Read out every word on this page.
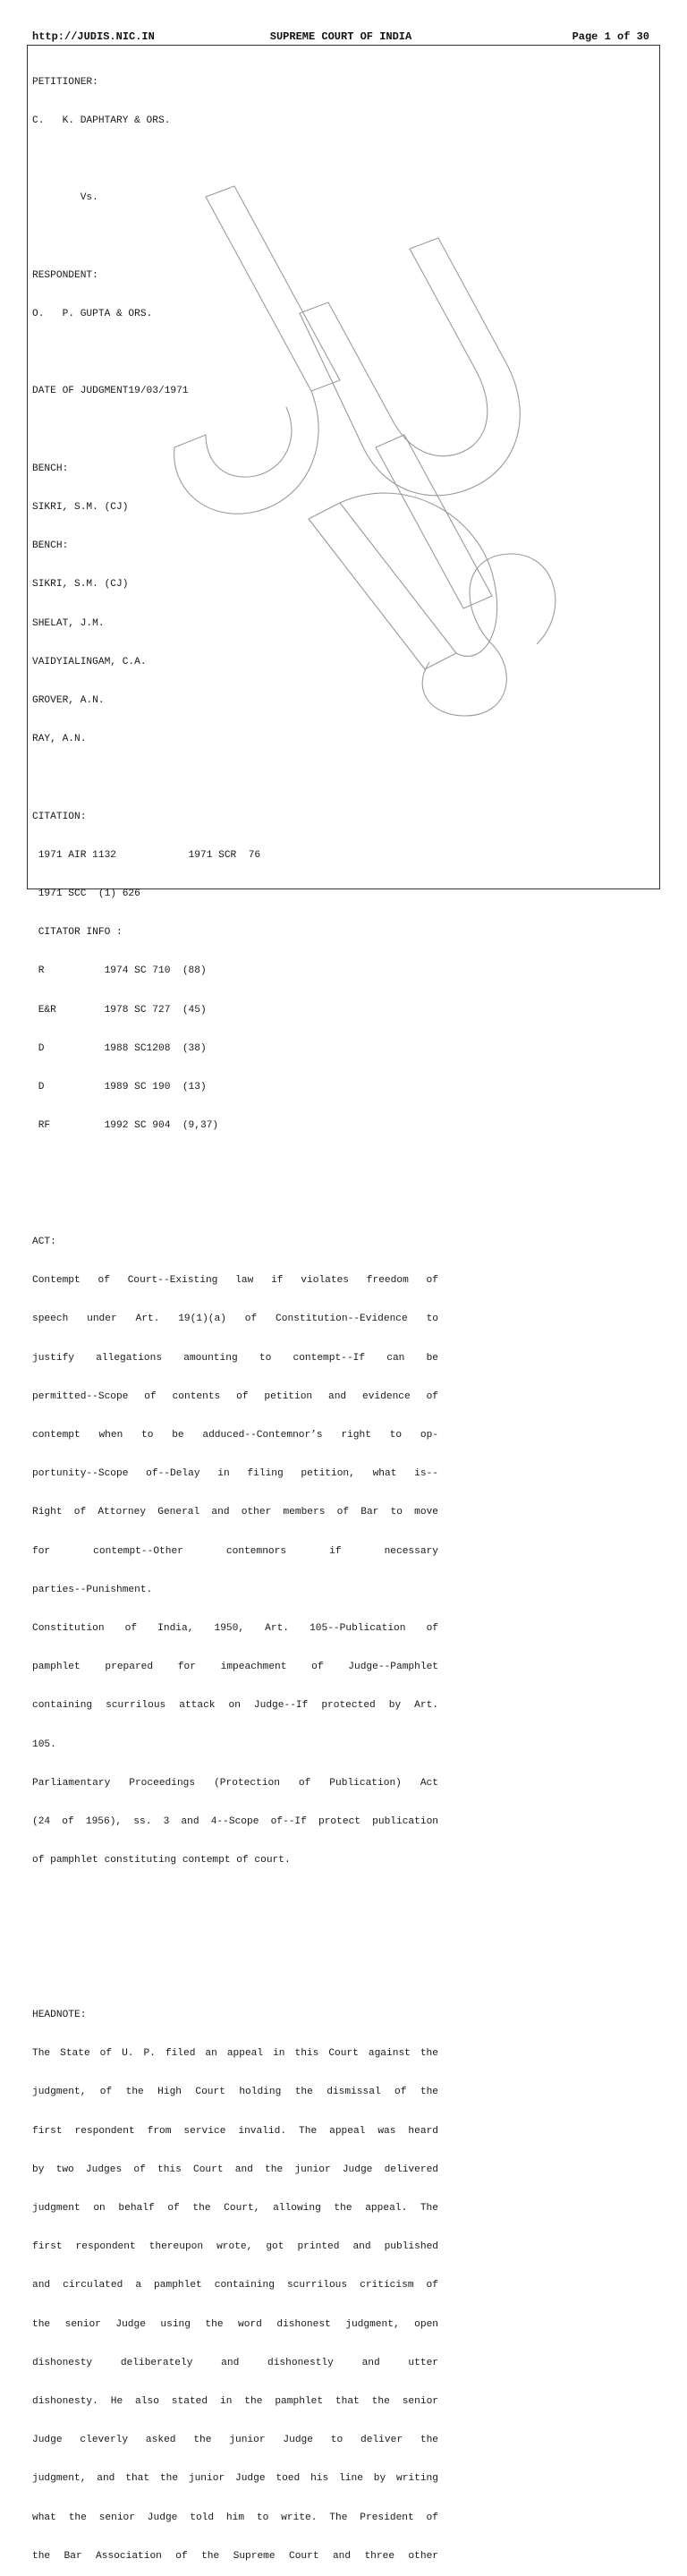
http://JUDIS.NIC.IN	SUPREME COURT OF INDIA	Page 1 of 30

PETITIONER:

C.   K. DAPHTARY & ORS.

Vs.

RESPONDENT:

O.   P. GUPTA & ORS.

DATE OF JUDGMENT19/03/1971

BENCH:

SIKRI, S.M. (CJ)

BENCH:

SIKRI, S.M. (CJ)

SHELAT, J.M.

VAIDYIALINGAM, C.A.

GROVER, A.N.

RAY, A.N.

CITATION:

1971 AIR 1132            1971 SCR  76

1971 SCC  (1) 626

CITATOR INFO :

R          1974 SC 710  (88)

E&R        1978 SC 727  (45)

D          1988 SC1208  (38)

D          1989 SC 190  (13)

RF         1992 SC 904  (9,37)

ACT:

Contempt of Court--Existing law if violates freedom of

speech under Art. 19(1)(a) of Constitution--Evidence to

justify allegations amounting to contempt--If can be

permitted--Scope of contents of petition and evidence of

contempt when to be adduced--Contemnor’s right to op-

portunity--Scope of--Delay in filing petition, what is--

Right of Attorney General and other members of Bar to move

for contempt--Other contemnors if necessary

parties--Punishment.

Constitution of India, 1950, Art. 105--Publication of

pamphlet prepared for impeachment of Judge--Pamphlet

containing scurrilous attack on Judge--If protected by Art.

105.

Parliamentary Proceedings (Protection of Publication) Act

(24 of 1956), ss. 3 and 4--Scope of--If protect publication

of pamphlet constituting contempt of court.

HEADNOTE:

The State of U. P. filed an appeal in this Court against the

judgment, of the High Court holding the dismissal of the

first respondent from service invalid. The appeal was heard

by two Judges of this Court and the junior Judge delivered

judgment on behalf of the Court, allowing the appeal. The

first respondent thereupon wrote, got printed and published

and circulated a pamphlet containing scurrilous criticism of

the senior Judge using the word dishonest judgment, open

dishonesty deliberately and dishonestly and utter

dishonesty. He also stated in the pamphlet that the senior

Judge cleverly asked the junior Judge to deliver the

judgment, and that the junior Judge toed his line by writing

what the senior Judge told him to write. The President of

the Bar Association of the Supreme Court and three other
